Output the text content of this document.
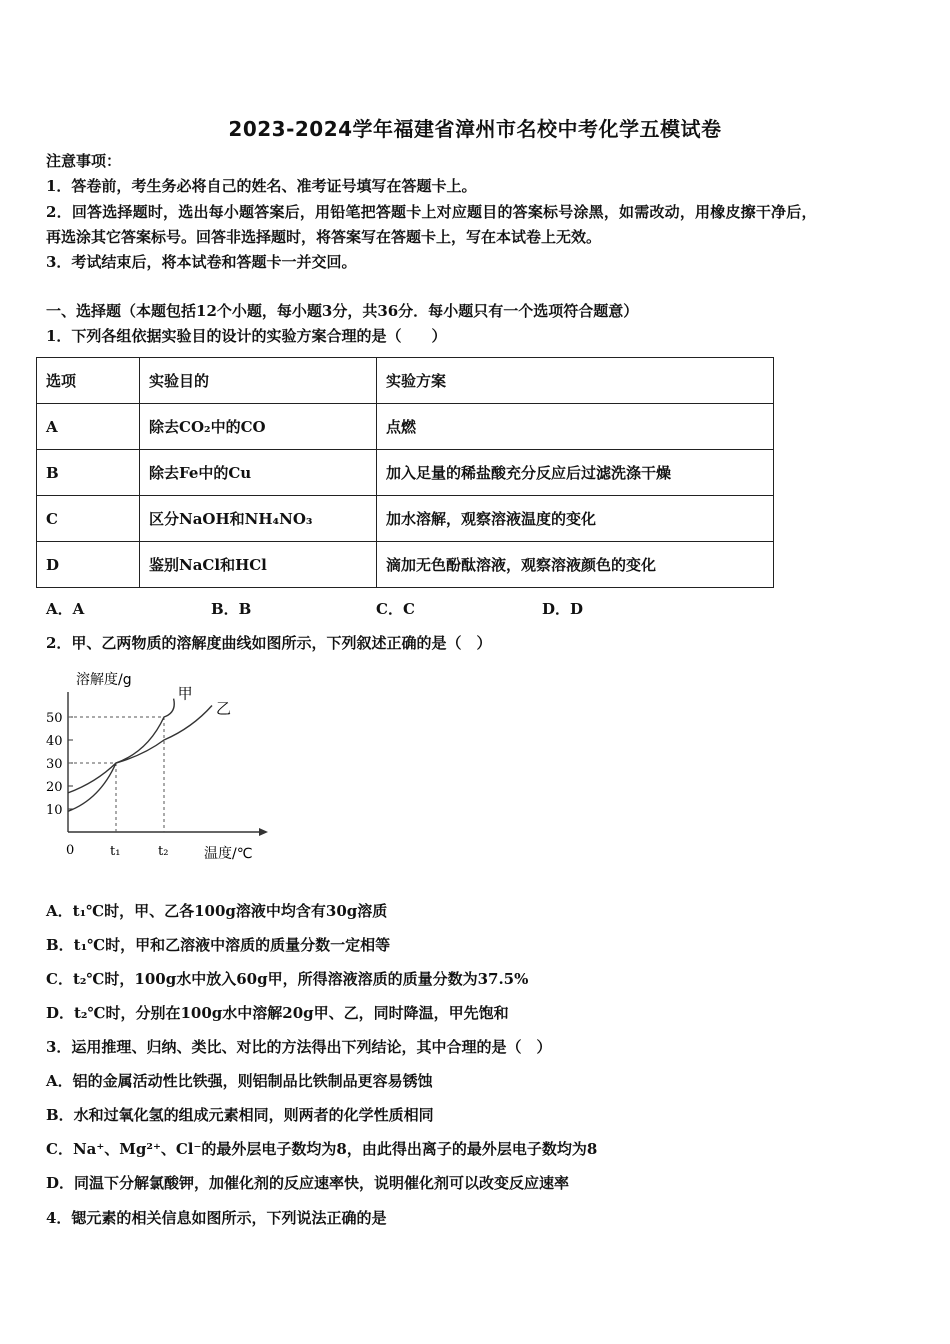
2023-2024学年福建省漳州市名校中考化学五模试卷
注意事项：
1．答卷前，考生务必将自己的姓名、准考证号填写在答题卡上。
2．回答选择题时，选出每小题答案后，用铅笔把答题卡上对应题目的答案标号涂黑，如需改动，用橡皮擦干净后，
再选涂其它答案标号。回答非选择题时，将答案写在答题卡上，写在本试卷上无效。
3．考试结束后，将本试卷和答题卡一并交回。
一、选择题（本题包括12个小题，每小题3分，共36分．每小题只有一个选项符合题意）
1．下列各组依据实验目的设计的实验方案合理的是（　　）
选项	实验目的	实验方案
A	除去CO₂中的CO	点燃
B	除去Fe中的Cu	加入足量的稀盐酸充分反应后过滤洗涤干燥
C	区分NaOH和NH₄NO₃	加水溶解，观察溶液温度的变化
D	鉴别NaCl和HCl	滴加无色酚酞溶液，观察溶液颜色的变化
A．A	B．B	C．C	D．D
2．甲、乙两物质的溶解度曲线如图所示，下列叙述正确的是（　）
溶解度/g
温度/℃
0
50
40
30
20
10
t₁	t₂
甲
乙
A．t₁℃时，甲、乙各100g溶液中均含有30g溶质
B．t₁℃时，甲和乙溶液中溶质的质量分数一定相等
C．t₂℃时，100g水中放入60g甲，所得溶液溶质的质量分数为37.5%
D．t₂℃时，分别在100g水中溶解20g甲、乙，同时降温，甲先饱和
3．运用推理、归纳、类比、对比的方法得出下列结论，其中合理的是（　）
A．铝的金属活动性比铁强，则铝制品比铁制品更容易锈蚀
B．水和过氧化氢的组成元素相同，则两者的化学性质相同
C．Na⁺、Mg²⁺、Cl⁻的最外层电子数均为8，由此得出离子的最外层电子数均为8
D．同温下分解氯酸钾，加催化剂的反应速率快，说明催化剂可以改变反应速率
4．锶元素的相关信息如图所示，下列说法正确的是
